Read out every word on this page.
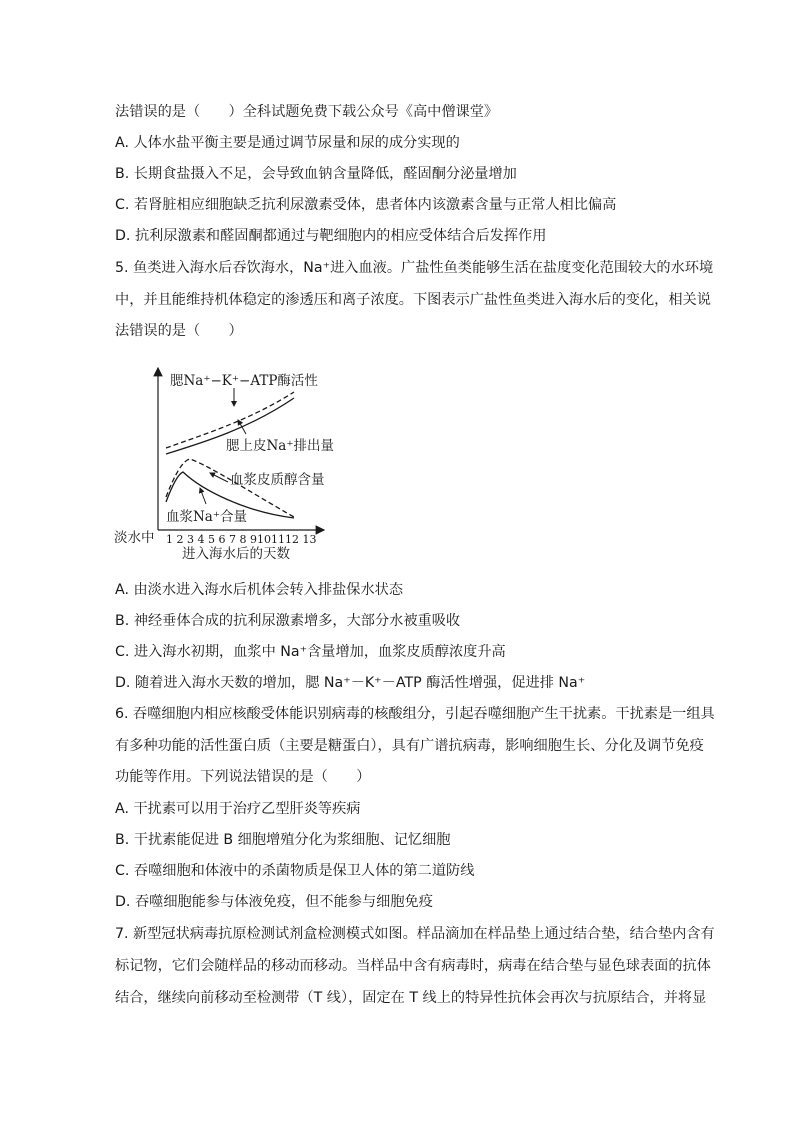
法错误的是（　　）全科试题免费下载公众号《高中僧课堂》
A. 人体水盐平衡主要是通过调节尿量和尿的成分实现的
B. 长期食盐摄入不足，会导致血钠含量降低，醛固酮分泌量增加
C. 若肾脏相应细胞缺乏抗利尿激素受体，患者体内该激素含量与正常人相比偏高
D. 抗利尿激素和醛固酮都通过与靶细胞内的相应受体结合后发挥作用
5. 鱼类进入海水后吞饮海水，Na⁺进入血液。广盐性鱼类能够生活在盐度变化范围较大的水环境
中，并且能维持机体稳定的渗透压和离子浓度。下图表示广盐性鱼类进入海水后的变化，相关说
法错误的是（　　）
腮Na⁺−K⁺−ATP酶活性
腮上皮Na⁺排出量
血浆皮质醇含量
血浆Na⁺合量
淡水中 1 2 3 4 5 6 7 8 9101112 13
进入海水后的天数
A. 由淡水进入海水后机体会转入排盐保水状态
B. 神经垂体合成的抗利尿激素增多，大部分水被重吸收
C. 进入海水初期，血浆中 Na⁺含量增加，血浆皮质醇浓度升高
D. 随着进入海水天数的增加，腮 Na⁺－K⁺－ATP 酶活性增强，促进排 Na⁺
6. 吞噬细胞内相应核酸受体能识别病毒的核酸组分，引起吞噬细胞产生干扰素。干扰素是一组具
有多种功能的活性蛋白质（主要是糖蛋白），具有广谱抗病毒，影响细胞生长、分化及调节免疫
功能等作用。下列说法错误的是（　　）
A. 干扰素可以用于治疗乙型肝炎等疾病
B. 干扰素能促进 B 细胞增殖分化为浆细胞、记忆细胞
C. 吞噬细胞和体液中的杀菌物质是保卫人体的第二道防线
D. 吞噬细胞能参与体液免疫，但不能参与细胞免疫
7. 新型冠状病毒抗原检测试剂盒检测模式如图。样品滴加在样品垫上通过结合垫，结合垫内含有
标记物，它们会随样品的移动而移动。当样品中含有病毒时，病毒在结合垫与显色球表面的抗体
结合，继续向前移动至检测带（T 线），固定在 T 线上的特异性抗体会再次与抗原结合，并将显
